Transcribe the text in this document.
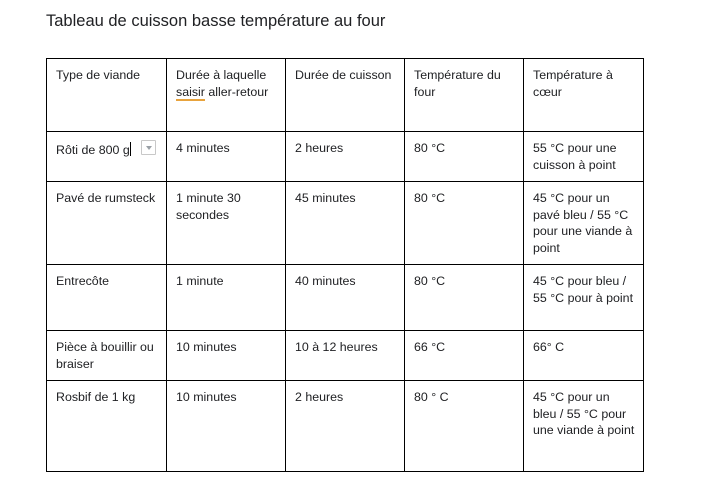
Tableau de cuisson basse température au four
Type de viande	Durée à laquelle saisir aller-retour	Durée de cuisson	Température du four	Température à cœur
Rôti de 800 g	4 minutes	2 heures	80 °C	55 °C pour une cuisson à point
Pavé de rumsteck	1 minute 30 secondes	45 minutes	80 °C	45 °C pour un pavé bleu / 55 °C pour une viande à point
Entrecôte	1 minute	40 minutes	80 °C	45 °C pour bleu / 55 °C pour à point
Pièce à bouillir ou braiser	10 minutes	10 à 12 heures	66 °C	66° C
Rosbif de 1 kg	10 minutes	2 heures	80 ° C	45 °C pour un bleu / 55 °C pour une viande à point
